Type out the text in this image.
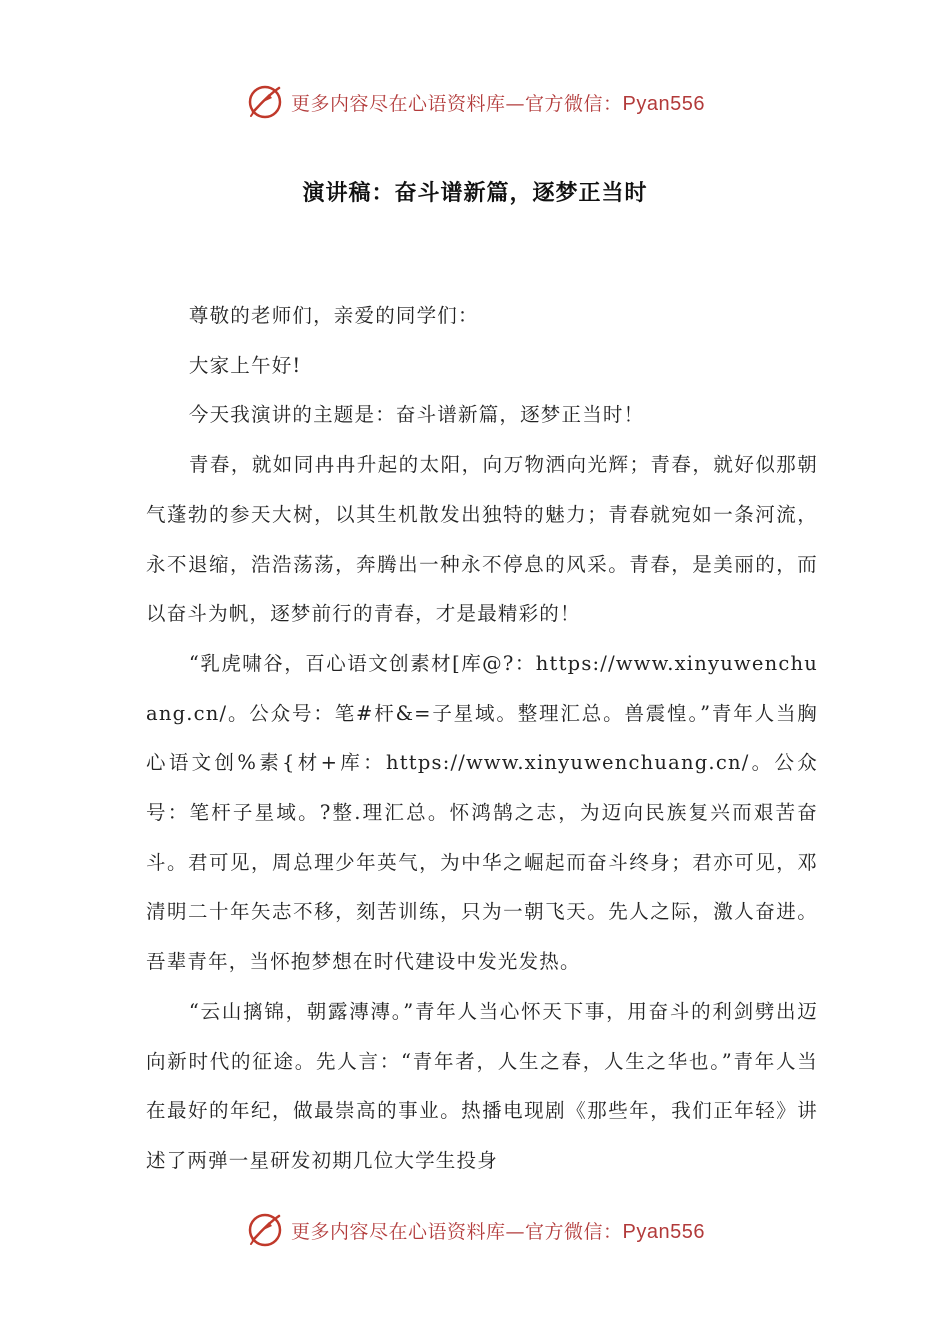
更多内容尽在心语资料库—官方微信：Pyan556
演讲稿：奋斗谱新篇，逐梦正当时

尊敬的老师们，亲爱的同学们：

大家上午好!

今天我演讲的主题是：奋斗谱新篇，逐梦正当时！

青春，就如同冉冉升起的太阳，向万物洒向光辉；青春，就好似那朝气蓬勃的参天大树，以其生机散发出独特的魅力；青春就宛如一条河流，永不退缩，浩浩荡荡，奔腾出一种永不停息的风采。青春，是美丽的，而以奋斗为帆，逐梦前行的青春，才是最精彩的！

“乳虎啸谷，百心语文创素材[库@?：https://www.xinyuwenchuang.cn/。公众号：笔#杆&=子星域。整理汇总。兽震惶。”青年人当胸心语文创%素{材+库：https://www.xinyuwenchuang.cn/。公众号：笔杆子星域。?整.理汇总。怀鸿鹄之志，为迈向民族复兴而艰苦奋斗。君可见，周总理少年英气，为中华之崛起而奋斗终身；君亦可见，邓清明二十年矢志不移，刻苦训练，只为一朝飞天。先人之际，激人奋进。吾辈青年，当怀抱梦想在时代建设中发光发热。

“云山摛锦，朝露漙漙。”青年人当心怀天下事，用奋斗的利剑劈出迈向新时代的征途。先人言：“青年者，人生之春，人生之华也。”青年人当在最好的年纪，做最崇高的事业。热播电现剧《那些年，我们正年轻》讲述了两弹一星研发初期几位大学生投身

更多内容尽在心语资料库—官方微信：Pyan556
